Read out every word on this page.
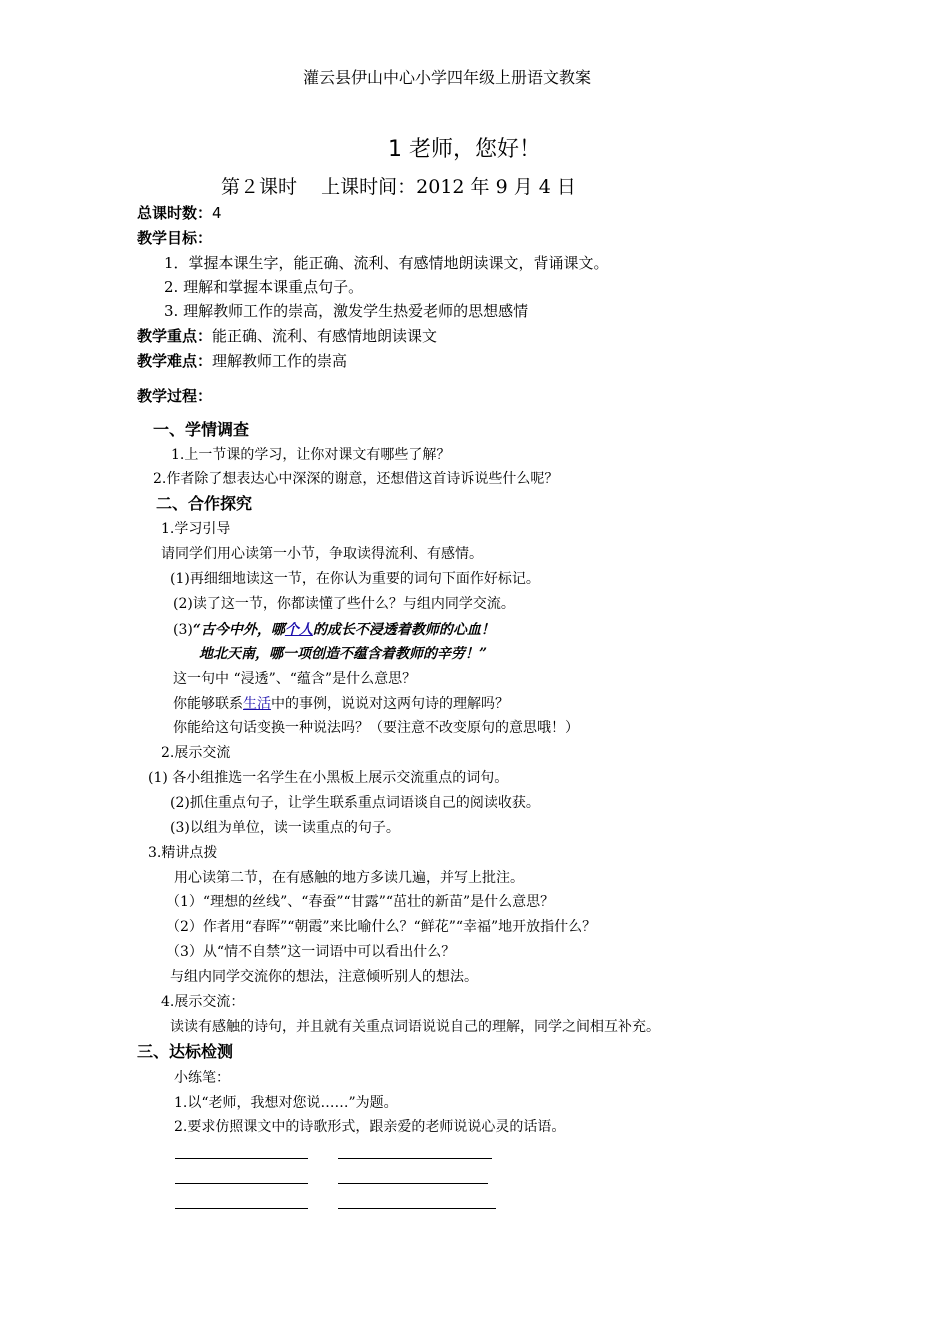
灌云县伊山中心小学四年级上册语文教案
1 老师，您好！
第２课时    上课时间：2012 年 9 月 4 日
总课时数：4
教学目标：
1．掌握本课生字，能正确、流利、有感情地朗读课文，背诵课文。
2. 理解和掌握本课重点句子。
3. 理解教师工作的崇高，激发学生热爱老师的思想感情
教学重点：能正确、流利、有感情地朗读课文
教学难点：理解教师工作的崇高
教学过程：
一、学情调查
1.上一节课的学习，让你对课文有哪些了解？
2.作者除了想表达心中深深的谢意，还想借这首诗诉说些什么呢？
二、合作探究
1.学习引导
请同学们用心读第一小节，争取读得流利、有感情。
(1)再细细地读这一节，在你认为重要的词句下面作好标记。
(2)读了这一节，你都读懂了些什么？与组内同学交流。
(3)“古今中外，哪个人的成长不浸透着教师的心血！
地北天南，哪一项创造不蕴含着教师的辛劳！”
这一句中 “浸透”、“蕴含”是什么意思？
你能够联系生活中的事例，说说对这两句诗的理解吗？
你能给这句话变换一种说法吗？（要注意不改变原句的意思哦！）
2.展示交流
(1) 各小组推选一名学生在小黑板上展示交流重点的词句。
(2)抓住重点句子，让学生联系重点词语谈自己的阅读收获。
(3)以组为单位，读一读重点的句子。
3.精讲点拨
用心读第二节，在有感触的地方多读几遍，并写上批注。
（1）“理想的丝线”、“春蚕”“甘露”“茁壮的新苗”是什么意思？
（2）作者用“春晖”“朝霞”来比喻什么？“鲜花”“幸福”地开放指什么？
（3）从“情不自禁”这一词语中可以看出什么？
与组内同学交流你的想法，注意倾听别人的想法。
4.展示交流：
读读有感触的诗句，并且就有关重点词语说说自己的理解，同学之间相互补充。
三、达标检测
小练笔：
1.以“老师，我想对您说……”为题。
2.要求仿照课文中的诗歌形式，跟亲爱的老师说说心灵的话语。
